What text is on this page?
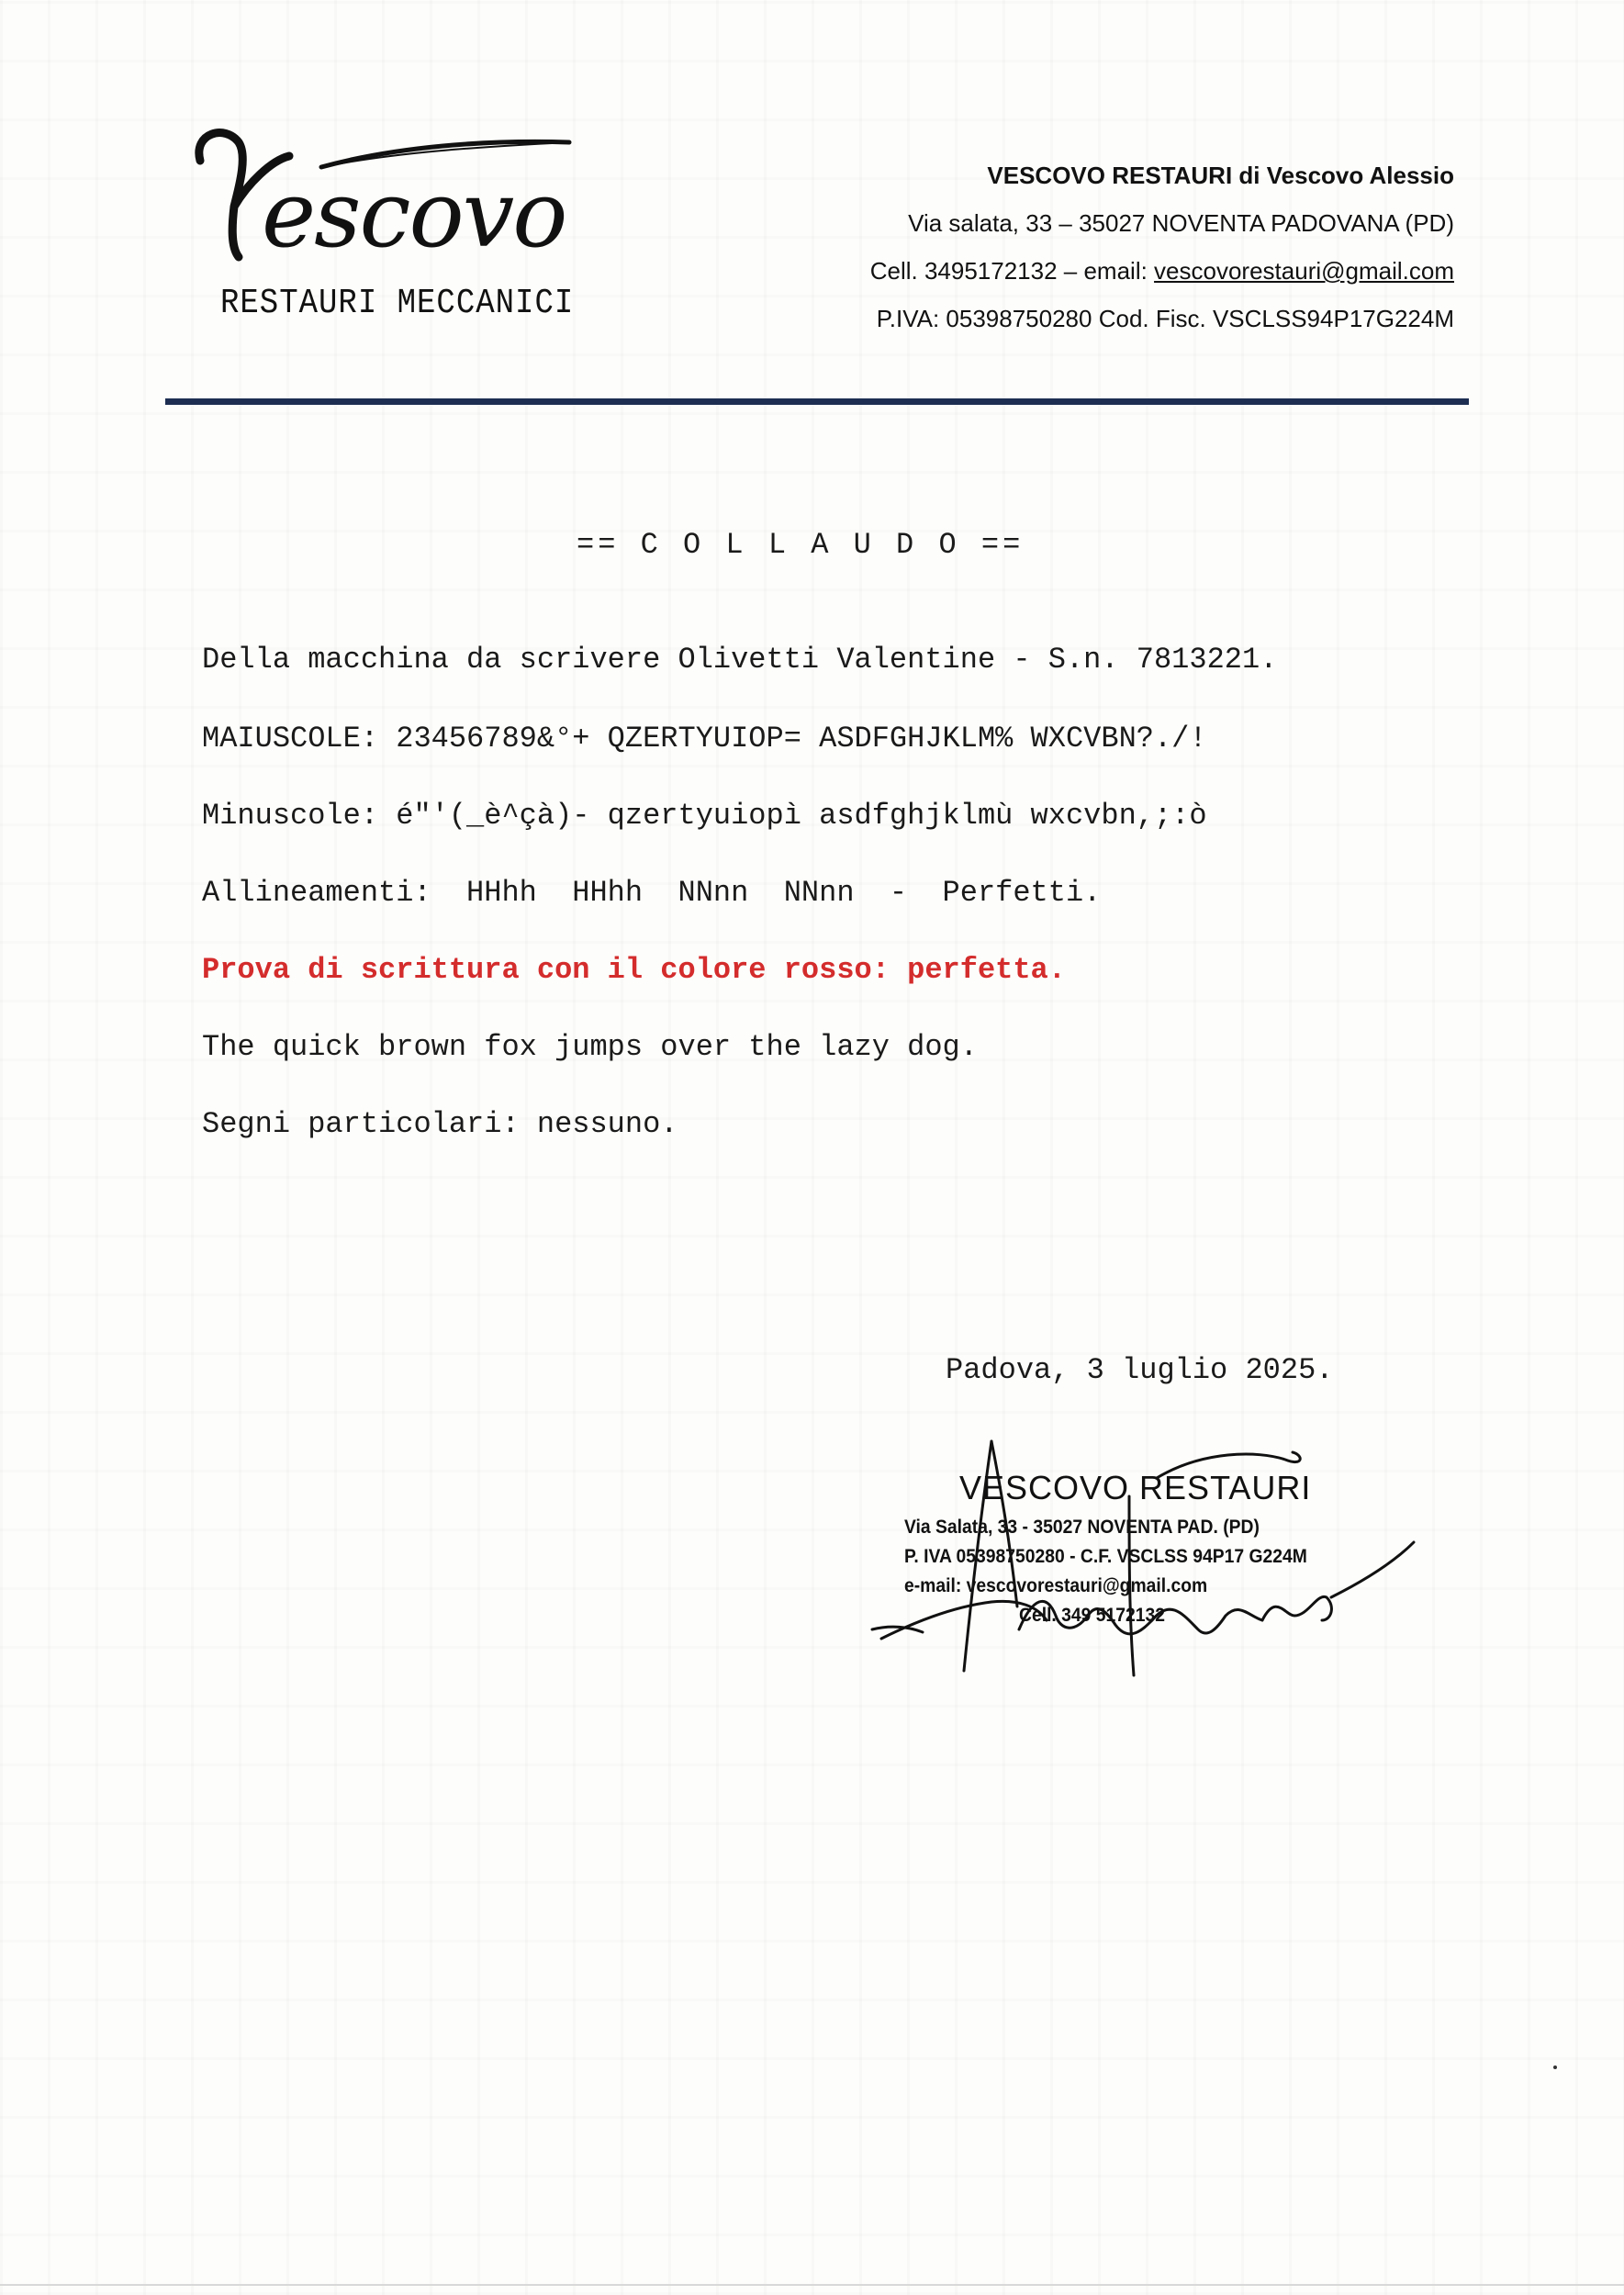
escovo
RESTAURI MECCANICI
VESCOVO RESTAURI di Vescovo Alessio
Via salata, 33 – 35027 NOVENTA PADOVANA (PD)
Cell. 3495172132 – email: vescovorestauri@gmail.com
P.IVA: 05398750280 Cod. Fisc. VSCLSS94P17G224M
== C O L L A U D O ==
Della macchina da scrivere Olivetti Valentine - S.n. 7813221.
MAIUSCOLE: 23456789&°+ QZERTYUIOP= ASDFGHJKLM% WXCVBN?./!
Minuscole: é"'(_è^çà)- qzertyuiopì asdfghjklmù wxcvbn,;:ò
Allineamenti:  HHhh  HHhh  NNnn  NNnn  -  Perfetti.
Prova di scrittura con il colore rosso: perfetta.
The quick brown fox jumps over the lazy dog.
Segni particolari: nessuno.
Padova, 3 luglio 2025.
VESCOVO RESTAURI
Via Salata, 33 - 35027 NOVENTA PAD. (PD)
P. IVA 05398750280 - C.F. VSCLSS 94P17 G224M
e-mail: vescovorestauri@gmail.com
Cell. 349 5172132
